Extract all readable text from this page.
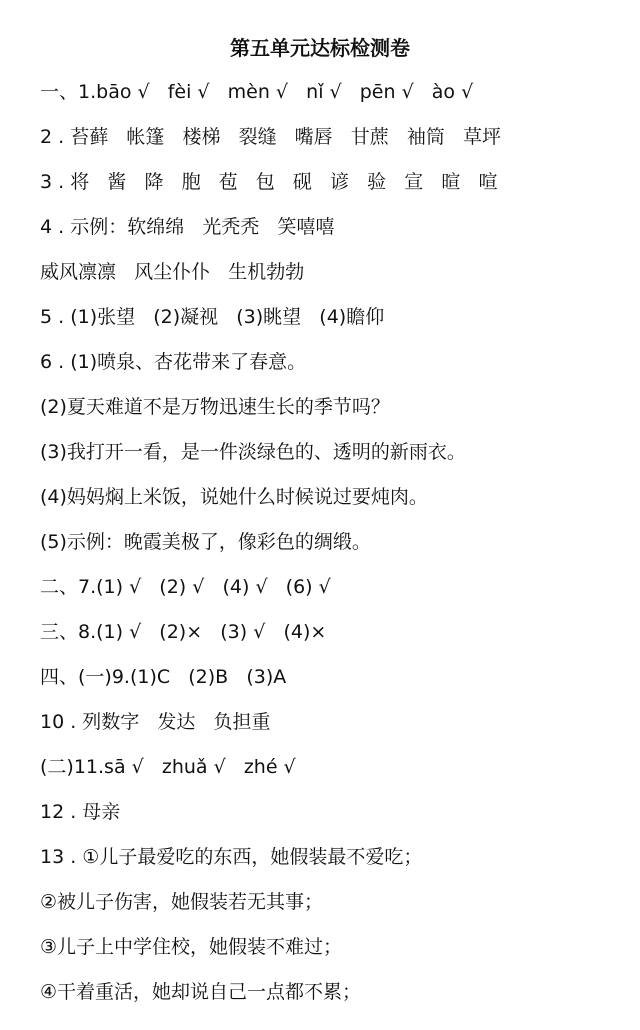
第五单元达标检测卷
一、1.bāo √   fèi √   mèn √   nǐ √   pēn √   ào √
2 . 苔藓   帐篷   楼梯   裂缝   嘴唇   甘蔗   袖筒   草坪
3 . 将   酱   降   胞   苞   包   砚   谚   验   宣   暄   喧
4 . 示例：软绵绵   光秃秃   笑嘻嘻
威风凛凛   风尘仆仆   生机勃勃
5 . (1)张望   (2)凝视   (3)眺望   (4)瞻仰
6 . (1)喷泉、杏花带来了春意。
(2)夏天难道不是万物迅速生长的季节吗？
(3)我打开一看，是一件淡绿色的、透明的新雨衣。
(4)妈妈焖上米饭，说她什么时候说过要炖肉。
(5)示例：晚霞美极了，像彩色的绸缎。
二、7.(1) √   (2) √   (4) √   (6) √
三、8.(1) √   (2)×   (3) √   (4)×
四、(一)9.(1)C   (2)B   (3)A
10 . 列数字   发达   负担重
(二)11.sā √   zhuǎ √   zhé √
12 . 母亲
13 . ①儿子最爱吃的东西，她假装最不爱吃；
②被儿子伤害，她假装若无其事；
③儿子上中学住校，她假装不难过；
④干着重活，她却说自己一点都不累；
